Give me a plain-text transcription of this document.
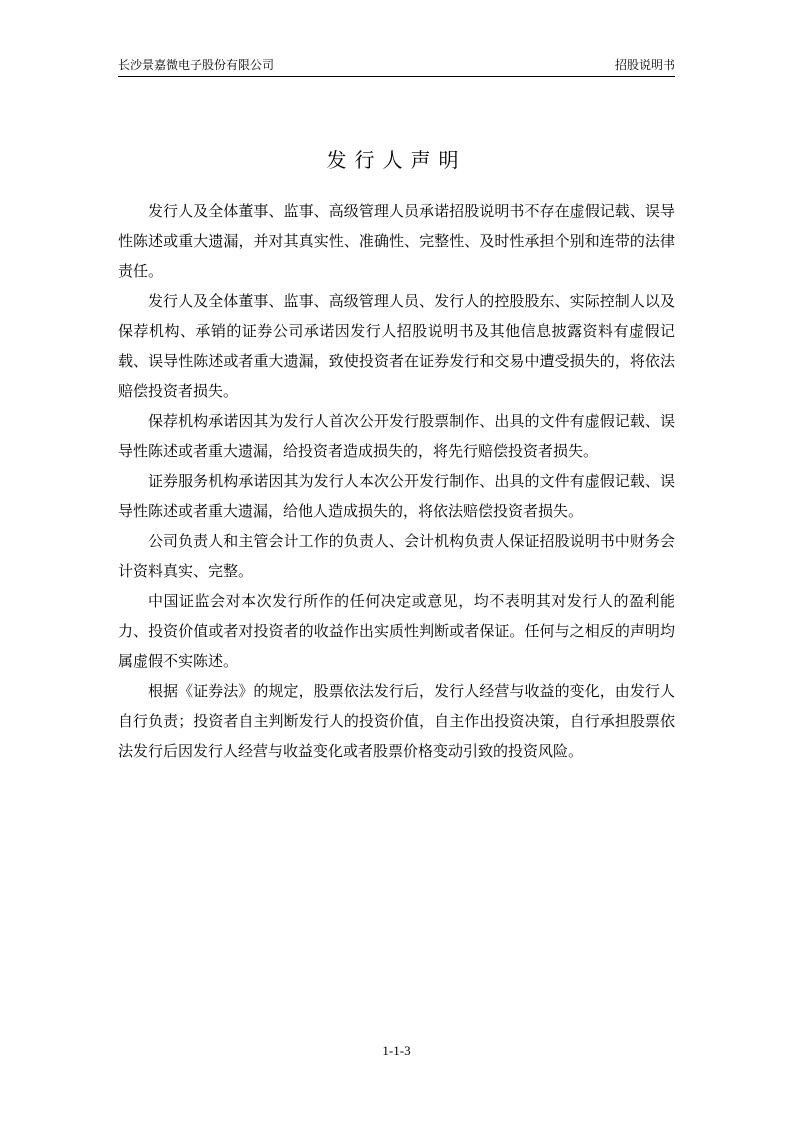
长沙景嘉微电子股份有限公司	招股说明书
发行人声明

发行人及全体董事、监事、高级管理人员承诺招股说明书不存在虚假记载、误导性陈述或重大遗漏，并对其真实性、准确性、完整性、及时性承担个别和连带的法律责任。

发行人及全体董事、监事、高级管理人员、发行人的控股股东、实际控制人以及保荐机构、承销的证券公司承诺因发行人招股说明书及其他信息披露资料有虚假记载、误导性陈述或者重大遗漏，致使投资者在证券发行和交易中遭受损失的，将依法赔偿投资者损失。

保荐机构承诺因其为发行人首次公开发行股票制作、出具的文件有虚假记载、误导性陈述或者重大遗漏，给投资者造成损失的，将先行赔偿投资者损失。

证券服务机构承诺因其为发行人本次公开发行制作、出具的文件有虚假记载、误导性陈述或者重大遗漏，给他人造成损失的，将依法赔偿投资者损失。

公司负责人和主管会计工作的负责人、会计机构负责人保证招股说明书中财务会计资料真实、完整。

中国证监会对本次发行所作的任何决定或意见，均不表明其对发行人的盈利能力、投资价值或者对投资者的收益作出实质性判断或者保证。任何与之相反的声明均属虚假不实陈述。

根据《证券法》的规定，股票依法发行后，发行人经营与收益的变化，由发行人自行负责；投资者自主判断发行人的投资价值，自主作出投资决策，自行承担股票依法发行后因发行人经营与收益变化或者股票价格变动引致的投资风险。

1-1-3
